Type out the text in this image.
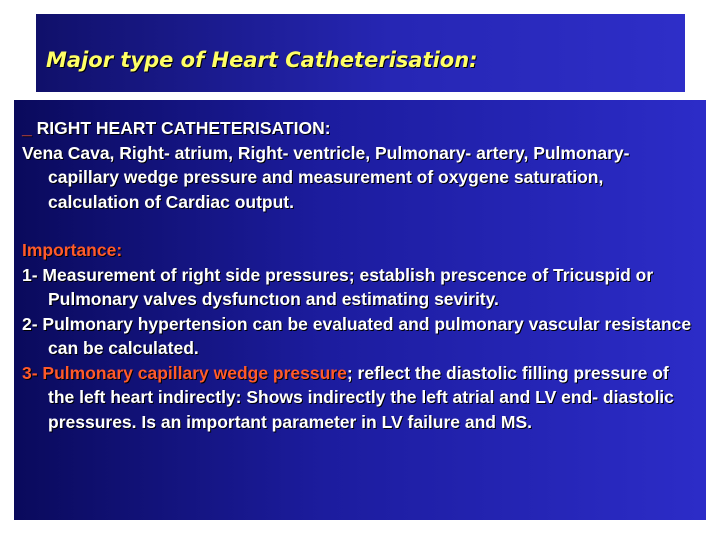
Major type of Heart Catheterisation:

_ RIGHT HEART CATHETERISATION:

Vena Cava, Right- atrium, Right- ventricle, Pulmonary- artery, Pulmonary- capillary wedge pressure and measurement of oxygene saturation, calculation of Cardiac output.

Importance:

1- Measurement of right side pressures; establish prescence of Tricuspid or Pulmonary valves dysfunctıon and estimating sevirity.

2- Pulmonary hypertension can be evaluated and pulmonary vascular resistance can be calculated.

3- Pulmonary capillary wedge pressure; reflect the diastolic filling pressure of the left heart indirectly: Shows indirectly the left atrial and LV end- diastolic pressures. Is an important parameter in LV failure and MS.
